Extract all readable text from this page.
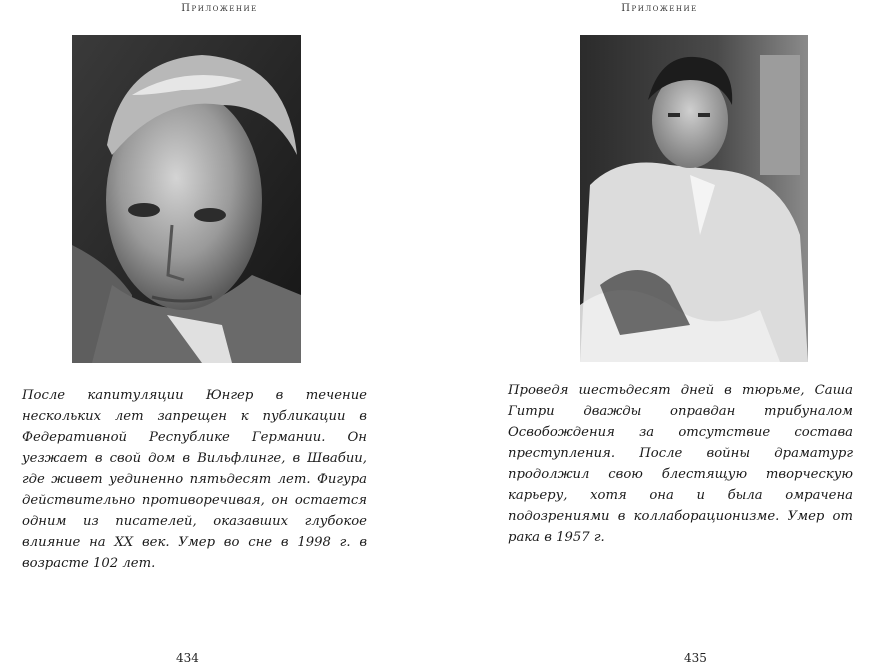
Приложение
После капитуляции Юнгер в течение нескольких лет запрещен к публикации в Федеративной Республике Германии. Он уезжает в свой дом в Вильфлинге, в Швабии, где живет уединенно пятьдесят лет. Фигура действительно противоречивая, он остается одним из писателей, оказавших глубокое влияние на XX век. Умер во сне в 1998 г. в возрасте 102 лет.
434
Приложение
Проведя шестьдесят дней в тюрьме, Саша Гитри дважды оправдан трибуналом Освобождения за отсутствие состава преступления. После войны драматург продолжил свою блестящую творческую карьеру, хотя она и была омрачена подозрениями в коллаборационизме. Умер от рака в 1957 г.
435
